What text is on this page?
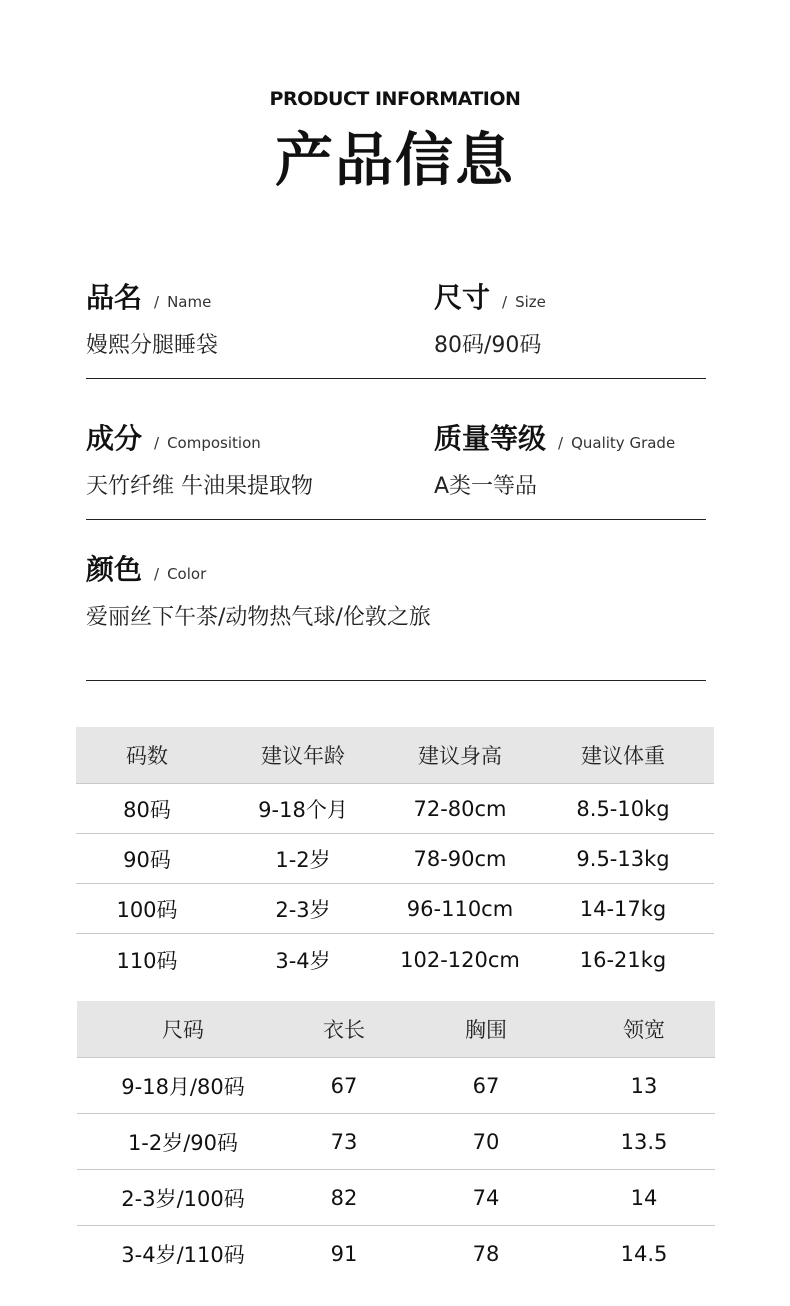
PRODUCT INFORMATION
产品信息
品名 / Name
嫚熙分腿睡袋
尺寸 / Size
80码/90码
成分 / Composition
天竹纤维 牛油果提取物
质量等级 / Quality Grade
A类一等品
颜色 / Color
爱丽丝下午茶/动物热气球/伦敦之旅
码数	建议年龄	建议身高	建议体重
80码	9-18个月	72-80cm	8.5-10kg
90码	1-2岁	78-90cm	9.5-13kg
100码	2-3岁	96-110cm	14-17kg
110码	3-4岁	102-120cm	16-21kg
尺码	衣长	胸围	领宽
9-18月/80码	67	67	13
1-2岁/90码	73	70	13.5
2-3岁/100码	82	74	14
3-4岁/110码	91	78	14.5
